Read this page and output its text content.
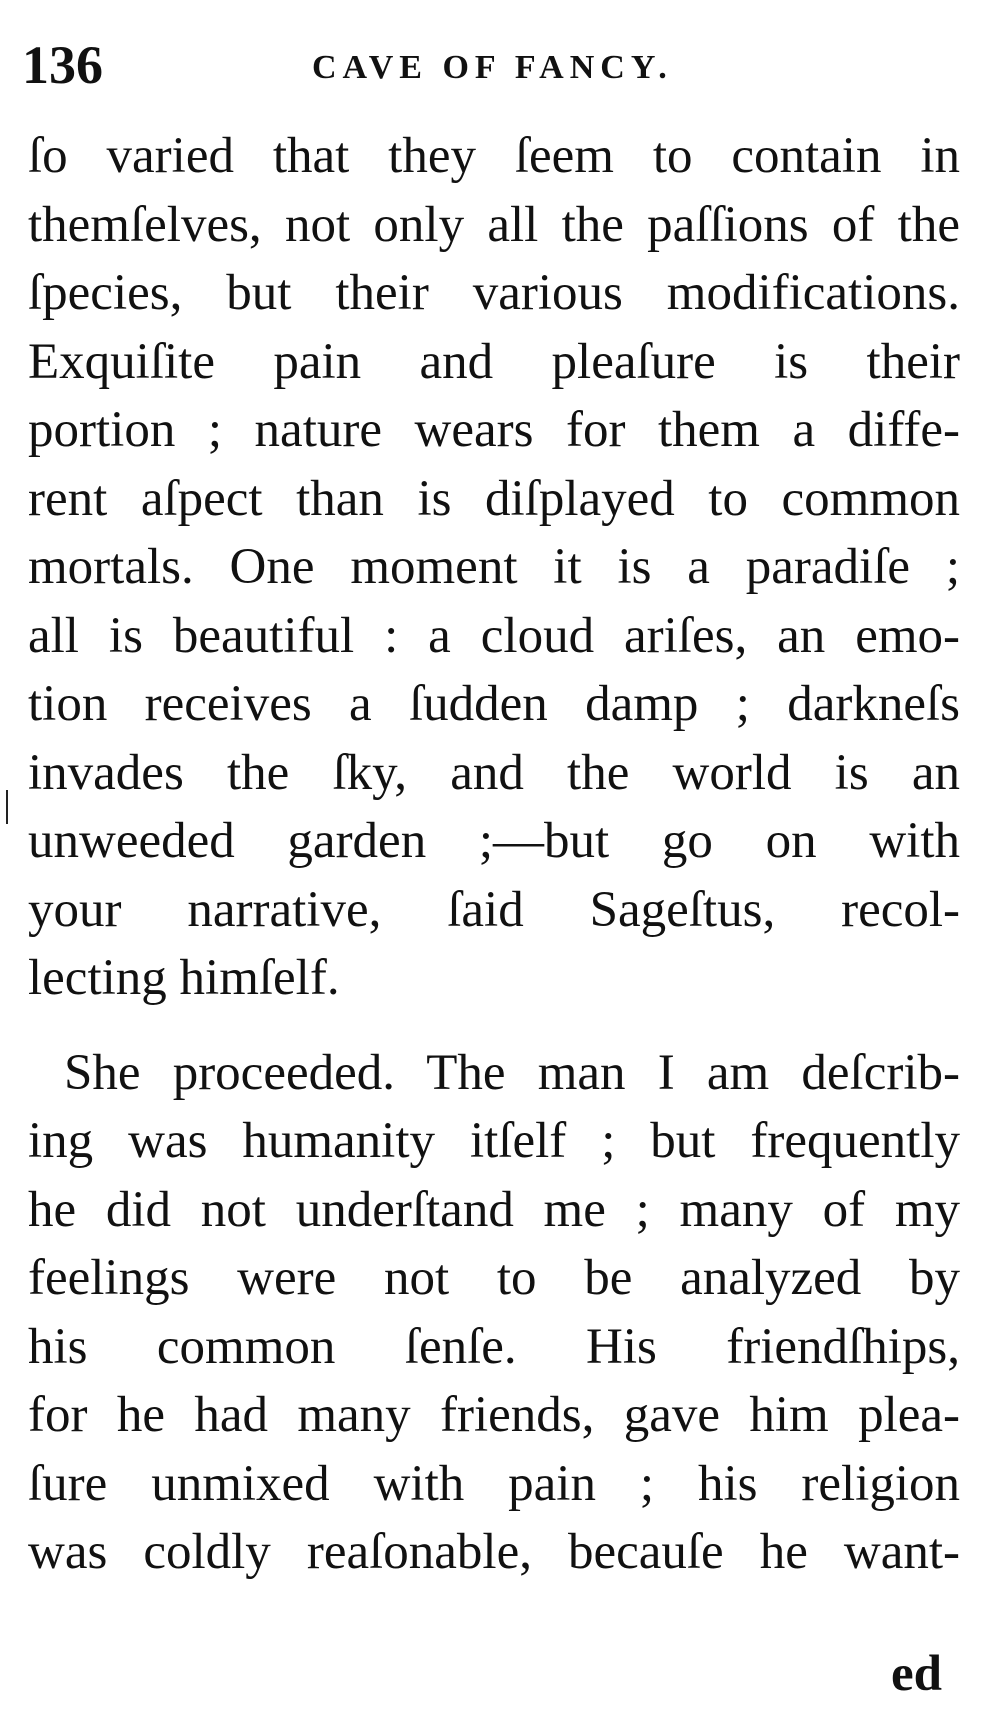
136	CAVE OF FANCY.
ſo varied that they ſeem to contain in
themſelves, not only all the paſſions of the
ſpecies, but their various modifications.
Exquiſite pain and pleaſure is their
portion ; nature wears for them a diffe-
rent aſpect than is diſplayed to common
mortals. One moment it is a paradiſe ;
all is beautiful : a cloud ariſes, an emo-
tion receives a ſudden damp ; darkneſs
invades the ſky, and the world is an
unweeded garden ;—but go on with
your narrative, ſaid Sageſtus, recol-
lecting himſelf.
She proceeded. The man I am deſcrib-
ing was humanity itſelf ; but frequently
he did not underſtand me ; many of my
feelings were not to be analyzed by
his common ſenſe. His friendſhips,
for he had many friends, gave him plea-
ſure unmixed with pain ; his religion
was coldly reaſonable, becauſe he want-
ed
